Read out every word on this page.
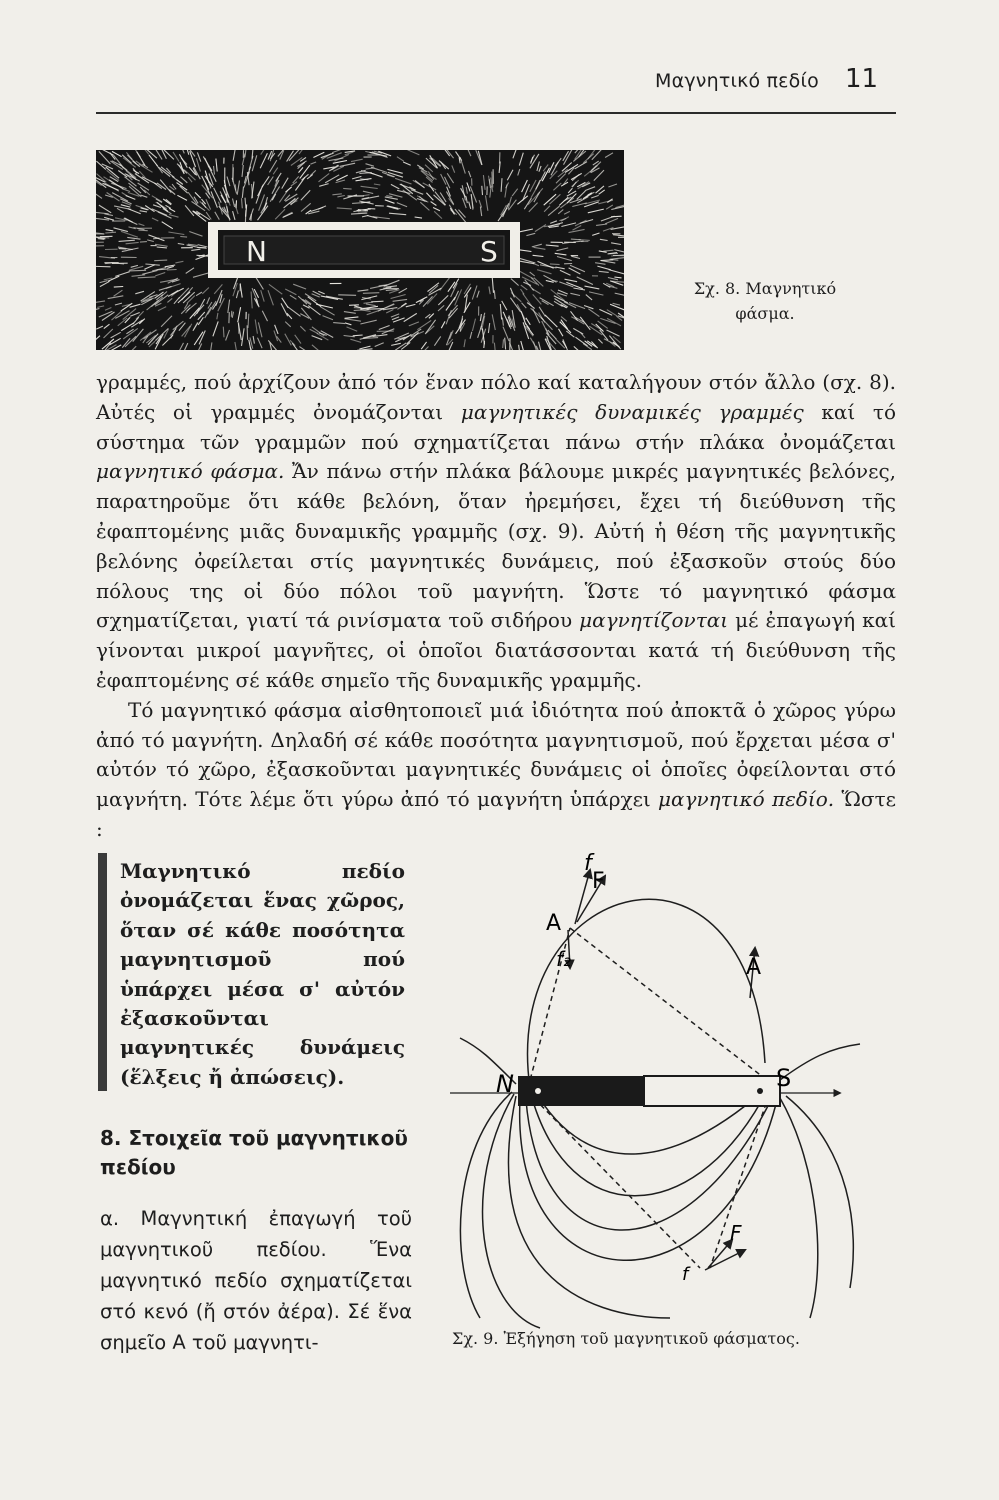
Μαγνητικό πεδίο 11
N	S
Σχ. 8. Μαγνητικό
φάσμα.

γραμμές, πού ἀρχίζουν ἀπό τόν ἕναν πόλο καί καταλήγουν στόν ἄλλο (σχ. 8). Αὐτές οἱ γραμμές ὀνομάζονται μαγνητικές δυναμικές γραμμές καί τό σύστημα τῶν γραμμῶν πού σχηματίζεται πάνω στήν πλάκα ὀνομάζεται μαγνητικό φάσμα. Ἄν πάνω στήν πλάκα βάλουμε μικρές μαγνητικές βελόνες, παρατηροῦμε ὅτι κάθε βελόνη, ὅταν ἠρεμήσει, ἔχει τή διεύθυνση τῆς ἐφαπτομένης μιᾶς δυναμικῆς γραμμῆς (σχ. 9). Αὐτή ἡ θέση τῆς μαγνητικῆς βελόνης ὀφείλεται στίς μαγνητικές δυνάμεις, πού ἐξασκοῦν στούς δύο πόλους της οἱ δύο πόλοι τοῦ μαγνήτη. Ὥστε τό μαγνητικό φάσμα σχηματίζεται, γιατί τά ρινίσματα τοῦ σιδήρου μαγνητίζονται μέ ἐπαγωγή καί γίνονται μικροί μαγνῆτες, οἱ ὁποῖοι διατάσσονται κατά τή διεύθυνση τῆς ἐφαπτομένης σέ κάθε σημεῖο τῆς δυναμικῆς γραμμῆς.

Τό μαγνητικό φάσμα αἰσθητοποιεῖ μιά ἰδιότητα πού ἀποκτᾶ ὁ χῶρος γύρω ἀπό τό μαγνήτη. Δηλαδή σέ κάθε ποσότητα μαγνητισμοῦ, πού ἔρχεται μέσα σ' αὐτόν τό χῶρο, ἐξασκοῦνται μαγνητικές δυνάμεις οἱ ὁποῖες ὀφείλονται στό μαγνήτη. Τότε λέμε ὅτι γύρω ἀπό τό μαγνήτη ὑπάρχει μαγνητικό πεδίο. Ὥστε :

Μαγνητικό πεδίο ὀνομάζεται ἕνας χῶρος, ὅταν σέ κάθε ποσότητα μαγνητισμοῦ πού ὑπάρχει μέσα σ' αὐτόν ἐξασκοῦνται μαγνητικές δυνάμεις (ἕλξεις ἤ ἀπώσεις).
8. Στοιχεῖα τοῦ μαγνητικοῦ πεδίου
α. Μαγνητική ἐπαγωγή τοῦ μαγνητικοῦ πεδίου. Ἕνα μαγνητικό πεδίο σχηματίζεται στό κενό (ἤ στόν ἀέρα). Σέ ἕνα σημεῖο Α τοῦ μαγνητι-
f
F
A
f₂	A
N	S
F
f
Σχ. 9. Ἐξήγηση τοῦ μαγνητικοῦ φάσματος.
